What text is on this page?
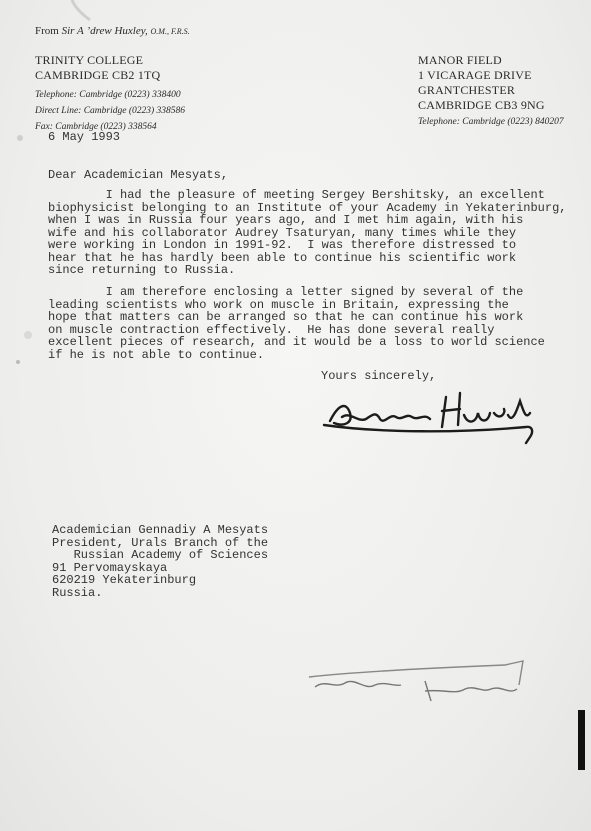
From Sir A ’drew Huxley, O.M., F.R.S.
TRINITY COLLEGE
CAMBRIDGE CB2 1TQ
Telephone: Cambridge (0223) 338400
Direct Line: Cambridge (0223) 338586
Fax: Cambridge (0223) 338564
MANOR FIELD
1 VICARAGE DRIVE
GRANTCHESTER
CAMBRIDGE CB3 9NG
Telephone: Cambridge (0223) 840207
6 May 1993
Dear Academician Mesyats,
I had the pleasure of meeting Sergey Bershitsky, an excellent
biophysicist belonging to an Institute of your Academy in Yekaterinburg,
when I was in Russia four years ago, and I met him again, with his
wife and his collaborator Audrey Tsaturyan, many times while they
were working in London in 1991-92.  I was therefore distressed to
hear that he has hardly been able to continue his scientific work
since returning to Russia.
I am therefore enclosing a letter signed by several of the
leading scientists who work on muscle in Britain, expressing the
hope that matters can be arranged so that he can continue his work
on muscle contraction effectively.  He has done several really
excellent pieces of research, and it would be a loss to world science
if he is not able to continue.
Yours sincerely,
Academician Gennadiy A Mesyats
President, Urals Branch of the
Russian Academy of Sciences
91 Pervomayskaya
620219 Yekaterinburg
Russia.
